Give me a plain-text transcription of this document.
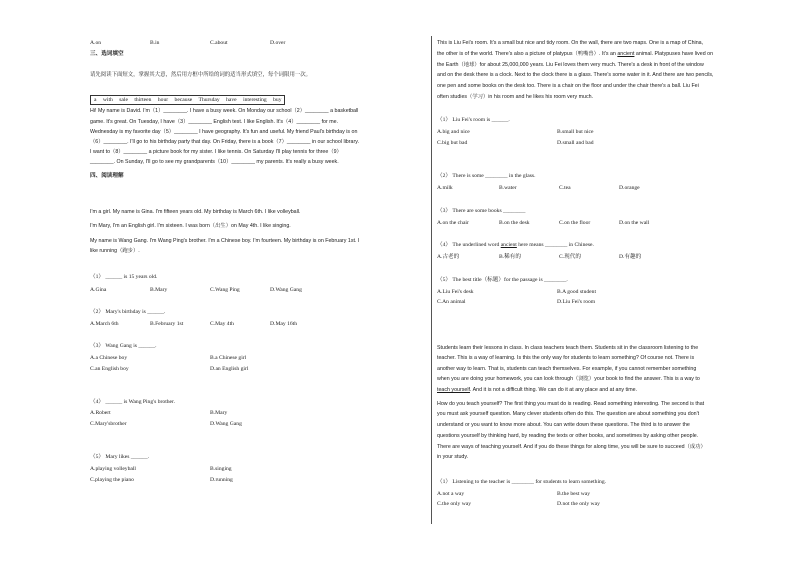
A.on	B.in	C.about	D.over
三、选词填空
请先阅读下面短文，掌握其大意，然后用方框中所给的词的适当形式填空，每个词限用一次。
a with sale thirteen hour because Thursday have interesting buy
Hi! My name is David. I'm（1）________. I have a busy week. On Monday our school（2）________ a basketball
game. It's great. On Tuesday, I have（3）________ English test. I like English. It's（4）________ for me.
Wednesday is my favorite day（5）________ I have geography. It's fun and useful. My friend Paul's birthday is on
（6）________. I'll go to his birthday party that day. On Friday, there is a book（7）________ in our school library.
I want to（8）________ a picture book for my sister. I like tennis. On Saturday I'll play tennis for three（9）
________. On Sunday, I'll go to see my grandparents（10）________ my parents. It's really a busy week.
四、阅读理解
I'm a girl. My name is Gina. I'm fifteen years old. My birthday is March 6th. I like volleyball.
I'm Mary, I'm an English girl. I'm sixteen. I was born（出生）on May 4th. I like singing.
My name is Wang Gang. I'm Wang Ping's brother. I'm a Chinese boy. I'm fourteen. My birthday is on February 1st. I
like running（跑步）.
（1） ______ is 15 years old.
A.Gina	B.Mary	C.Wang Ping	D.Wang Gang
（2） Mary's birthday is ______.
A.March 6th	B.February 1st	C.May 4th	D.May 16th
（3） Wang Gang is ______.
A.a Chinese boy	B.a Chinese girl
C.an English boy	D.an English girl
（4） ______ is Wang Ping's brother.
A.Robert	B.Mary
C.Mary'sbrother	D.Wang Gang
（5） Mary likes ______.
A.playing volleyball	B.singing
C.playing the piano	D.running
This is Liu Fei's room. It's a small but nice and tidy room. On the wall, there are two maps. One is a map of China,
the other is of the world. There's also a picture of platypus（鸭嘴兽）. It's an ancient animal. Platypuses have lived on
the Earth（地球）for about 25,000,000 years. Liu Fei loves them very much. There's a desk in front of the window
and on the desk there is a clock. Next to the clock there is a glass. There's some water in it. And there are two pencils,
one pen and some books on the desk too. There is a chair on the floor and under the chair there's a ball. Liu Fei
often studies（学习）in his room and he likes his room very much.
（1） Liu Fei's room is ______.
A.big and nice	B.small but nice
C.big but bad	D.small and bad
（2） There is some ________ in the glass.
A.milk	B.water	C.tea	D.orange
（3） There are some books ________
A.on the chair	B.on the desk	C.on the floor	D.on the wall
（4） The underlined word ancient here means ________ in Chinese.
A.古老的	B.稀有的	C.现代的	D.有趣的
（5） The best title（标题）for the passage is ________.
A.Liu Fei's desk	B.A good student
C.An animal	D.Liu Fei's room
Students learn their lessons in class. In class teachers teach them. Students sit in the classroom listening to the
teacher. This is a way of learning. Is this the only way for students to learn something? Of course not. There is
another way to learn. That is, students can teach themselves. For example, if you cannot remember something
when you are doing your homework, you can look through（浏览）your book to find the answer. This is a way to
teach yourself. And it is not a difficult thing. We can do it at any place and at any time.
How do you teach yourself? The first thing you must do is reading. Read something interesting. The second is that
you must ask yourself question. Many clever students often do this. The question are about something you don't
understand or you want to know more about. You can write down these questions. The third is to answer the
questions yourself by thinking hard, by reading the texts or other books, and sometimes by asking other people.
There are ways of teaching yourself. And if you do these things for along time, you will be sure to succeed（成功）
in your study.
（1） Listening to the teacher is ________ for students to learn something.
A.not a way	B.the best way
C.the only way	D.not the only way
